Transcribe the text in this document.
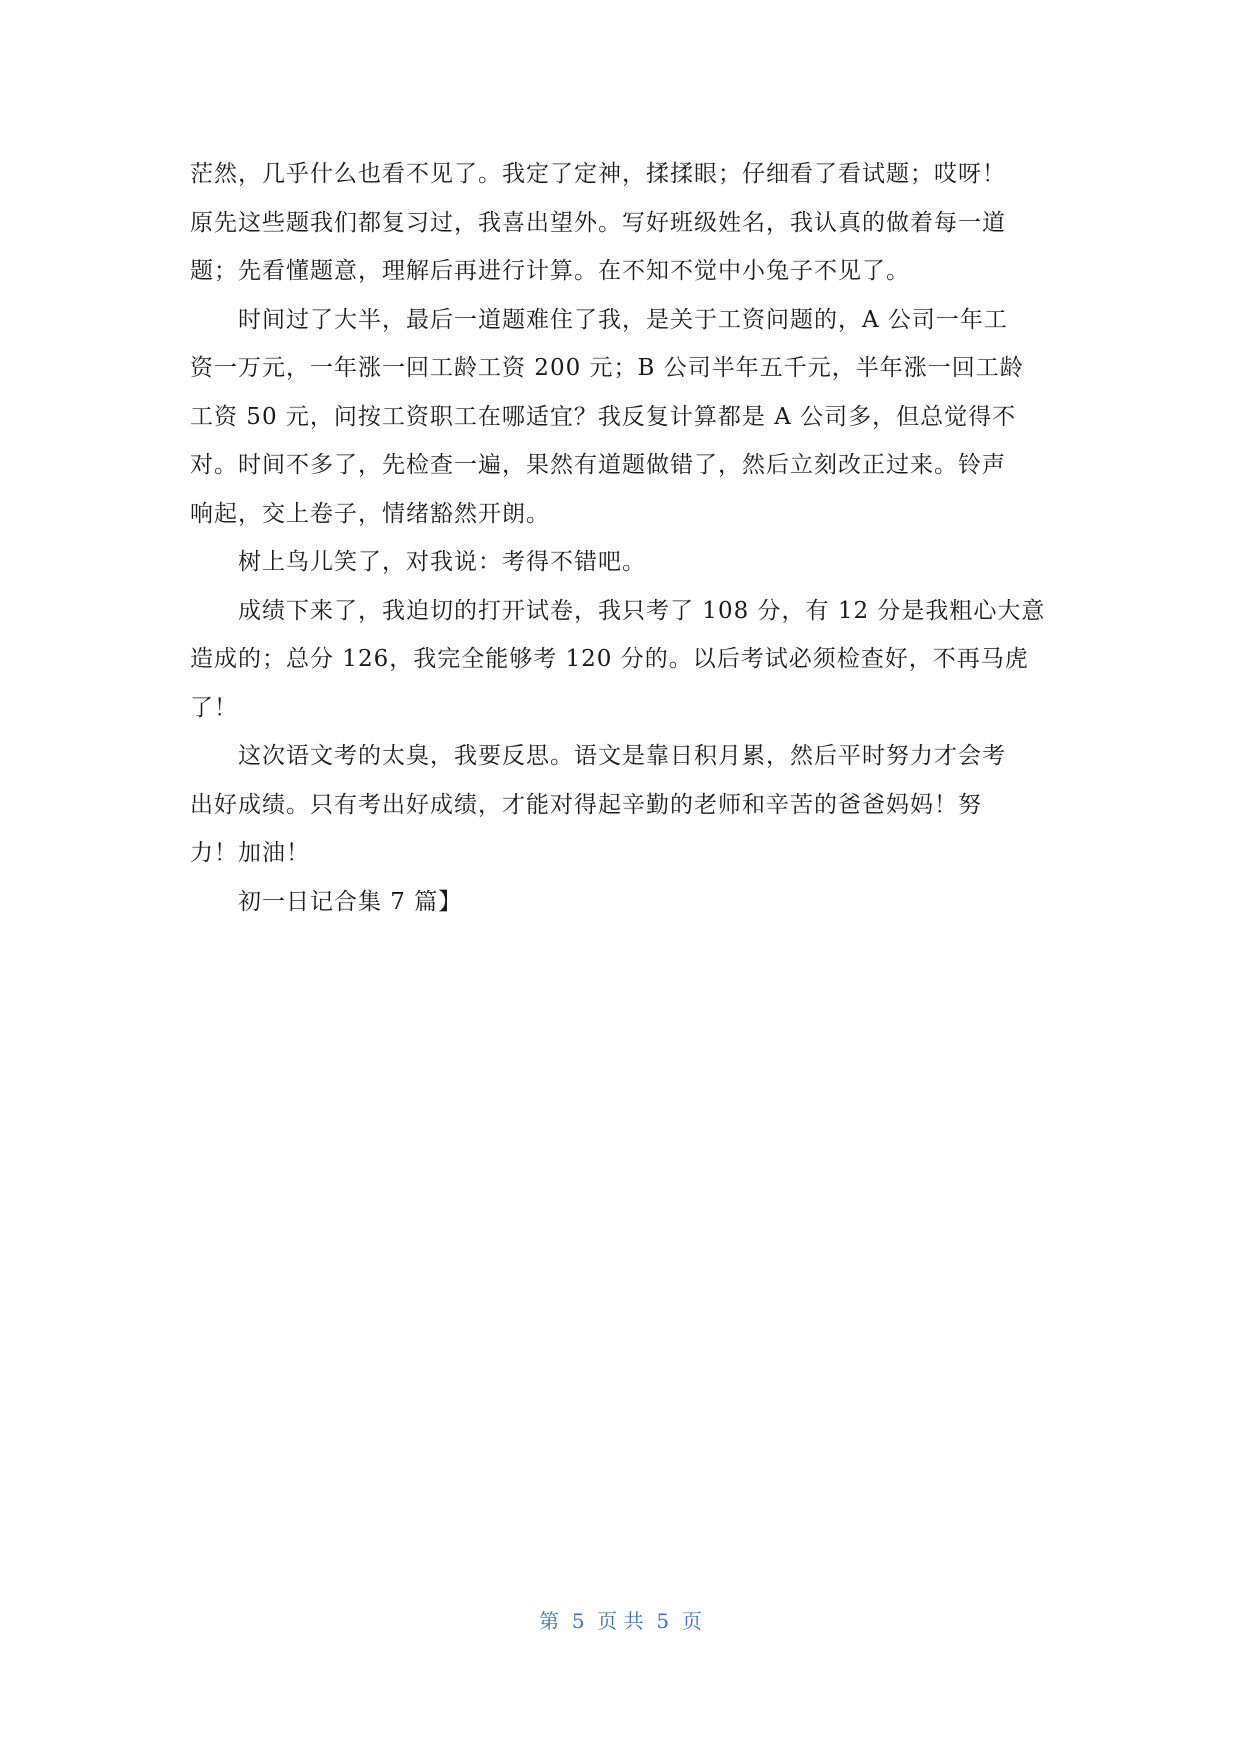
茫然，几乎什么也看不见了。我定了定神，揉揉眼；仔细看了看试题；哎呀！
原先这些题我们都复习过，我喜出望外。写好班级姓名，我认真的做着每一道
题；先看懂题意，理解后再进行计算。在不知不觉中小兔子不见了。
时间过了大半，最后一道题难住了我，是关于工资问题的，A 公司一年工
资一万元，一年涨一回工龄工资 200 元；B 公司半年五千元，半年涨一回工龄
工资 50 元，问按工资职工在哪适宜？我反复计算都是 A 公司多，但总觉得不
对。时间不多了，先检查一遍，果然有道题做错了，然后立刻改正过来。铃声
响起，交上卷子，情绪豁然开朗。
树上鸟儿笑了，对我说：考得不错吧。
成绩下来了，我迫切的打开试卷，我只考了 108 分，有 12 分是我粗心大意
造成的；总分 126，我完全能够考 120 分的。以后考试必须检查好，不再马虎
了！
这次语文考的太臭，我要反思。语文是靠日积月累，然后平时努力才会考
出好成绩。只有考出好成绩，才能对得起辛勤的老师和辛苦的爸爸妈妈！努
力！加油！
初一日记合集 7 篇】
第  5  页 共  5  页
